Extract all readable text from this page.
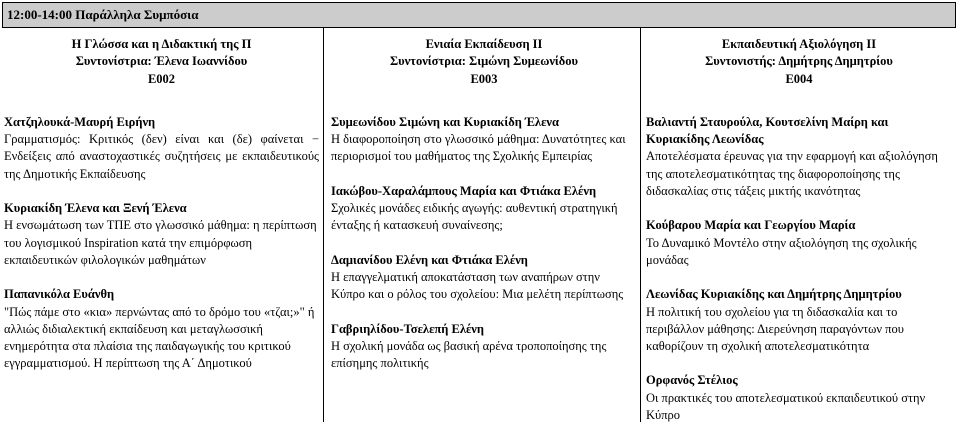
12:00-14:00 Παράλληλα Συμπόσια
Η Γλώσσα και η Διδακτική της Π
Συντονίστρια: Έλενα Ιωαννίδου
Ε002
Χατζηλουκά-Μαυρή Ειρήνη
Γραμματισμός: Κριτικός (δεν) είναι και (δε) φαίνεται − Ενδείξεις από αναστοχαστικές συζητήσεις με εκπαιδευτικούς της Δημοτικής Εκπαίδευσης
Κυριακίδη Έλενα και Ξενή Έλενα
Η ενσωμάτωση των ΤΠΕ στο γλωσσικό μάθημα: η περίπτωση του λογισμικού Inspiration κατά την επιμόρφωση εκπαιδευτικών φιλολογικών μαθημάτων
Παπανικόλα Ευάνθη
"Πώς πάμε στο «κια» περνώντας από το δρόμο του «τζαι;»" ή αλλιώς διδιαλεκτική εκπαίδευση και μεταγλωσσική ενημερότητα στα πλαίσια της παιδαγωγικής του κριτικού εγγραμματισμού. Η περίπτωση της Α΄ Δημοτικού
Ενιαία Εκπαίδευση ΙΙ
Συντονίστρια: Σιμώνη Συμεωνίδου
Ε003
Συμεωνίδου Σιμώνη και Κυριακίδη Έλενα
Η διαφοροποίηση στο γλωσσικό μάθημα: Δυνατότητες και περιορισμοί του μαθήματος της Σχολικής Εμπειρίας
Ιακώβου-Χαραλάμπους Μαρία και Φτιάκα Ελένη
Σχολικές μονάδες ειδικής αγωγής: αυθεντική στρατηγική ένταξης ή κατασκευή συναίνεσης;
Δαμιανίδου Ελένη και Φτιάκα Ελένη
Η επαγγελματική αποκατάσταση των αναπήρων στην Κύπρο και ο ρόλος του σχολείου: Μια μελέτη περίπτωσης
Γαβριηλίδου-Τσελεπή Ελένη
Η σχολική μονάδα ως βασική αρένα τροποποίησης της επίσημης πολιτικής
Εκπαιδευτική Αξιολόγηση ΙΙ
Συντονιστής: Δημήτρης Δημητρίου
Ε004
Βαλιαντή Σταυρούλα, Κουτσελίνη Μαίρη και Κυριακίδης Λεωνίδας
Αποτελέσματα έρευνας για την εφαρμογή και αξιολόγηση της αποτελεσματικότητας της διαφοροποίησης της διδασκαλίας στις τάξεις μικτής ικανότητας
Κούβαρου Μαρία και Γεωργίου Μαρία
Το Δυναμικό Μοντέλο στην αξιολόγηση της σχολικής μονάδας
Λεωνίδας Κυριακίδης και Δημήτρης Δημητρίου
Η πολιτική του σχολείου για τη διδασκαλία και το περιβάλλον μάθησης: Διερεύνηση παραγόντων που καθορίζουν τη σχολική αποτελεσματικότητα
Ορφανός Στέλιος
Οι πρακτικές του αποτελεσματικού εκπαιδευτικού στην Κύπρο
